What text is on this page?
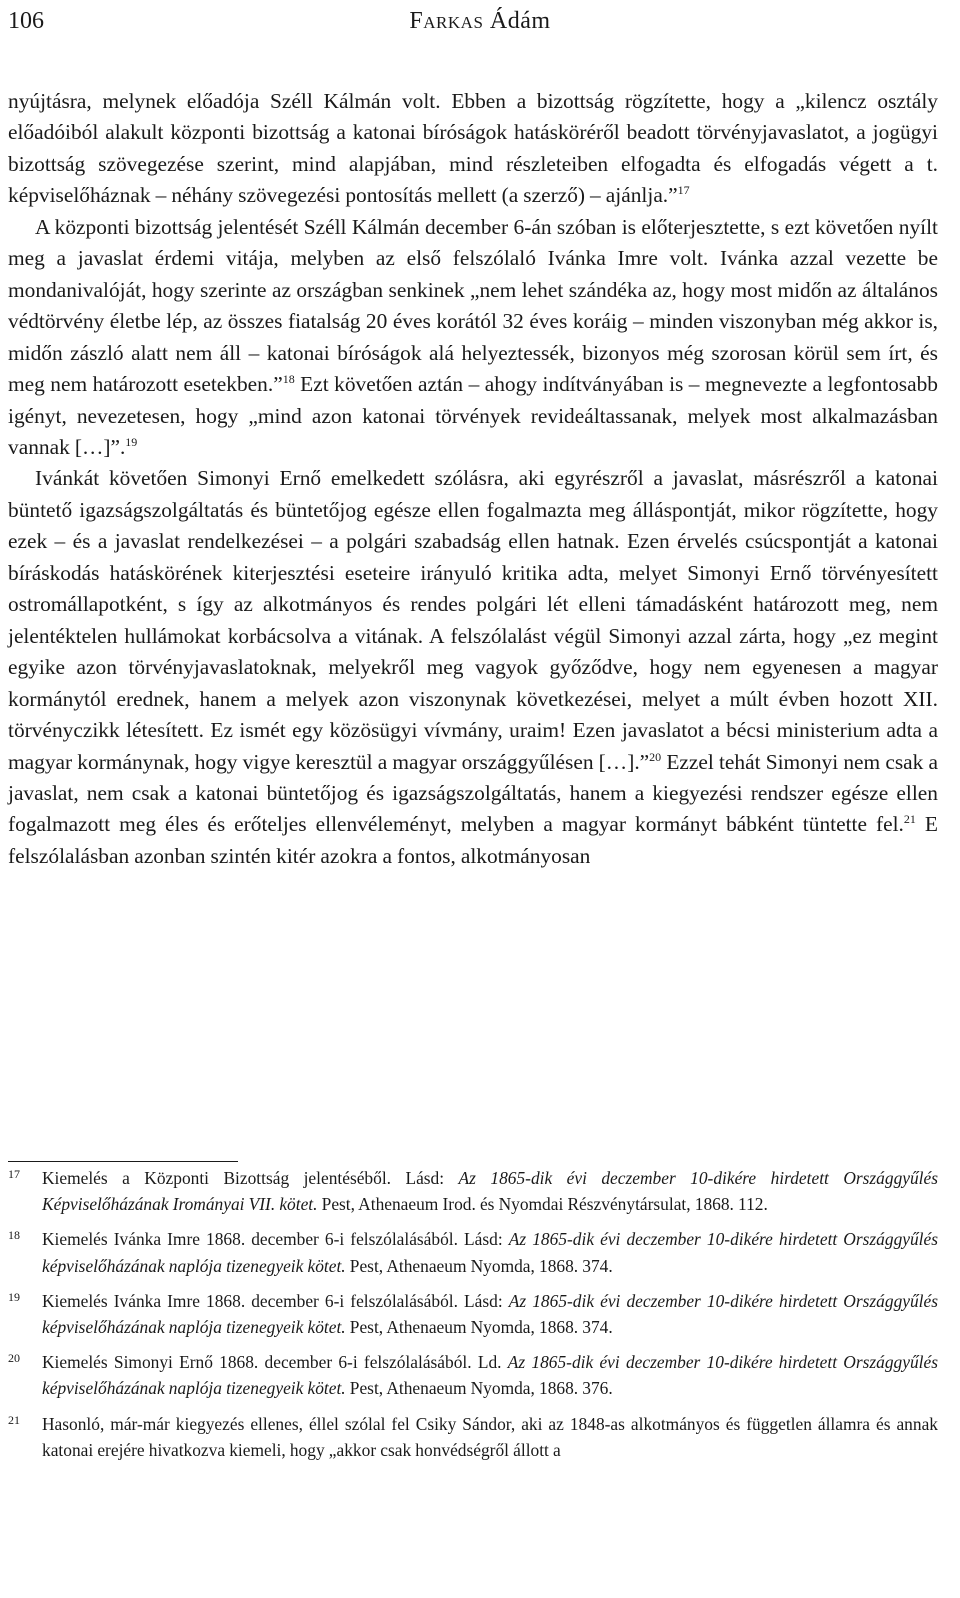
106	Farkas Ádám

nyújtásra, melynek előadója Széll Kálmán volt. Ebben a bizottság rögzítette, hogy a „kilencz osztály előadóiból alakult központi bizottság a katonai bíróságok hatásköréről beadott törvényjavaslatot, a jogügyi bizottság szövegezése szerint, mind alapjában, mind részleteiben elfogadta és elfogadás végett a t. képviselőháznak – néhány szövegezési pontosítás mellett (a szerző) – ajánlja.”$^{17}$

A központi bizottság jelentését Széll Kálmán december 6-án szóban is előterjesztette, s ezt követően nyílt meg a javaslat érdemi vitája, melyben az első felszólaló Ivánka Imre volt. Ivánka azzal vezette be mondanivalóját, hogy szerinte az országban senkinek „nem lehet szándéka az, hogy most midőn az általános védtörvény életbe lép, az összes fiatalság 20 éves korától 32 éves koráig – minden viszonyban még akkor is, midőn zászló alatt nem áll – katonai bíróságok alá helyeztessék, bizonyos még szorosan körül sem írt, és meg nem határozott esetekben.”$^{18}$ Ezt követően aztán – ahogy indítványában is – megnevezte a legfontosabb igényt, nevezetesen, hogy „mind azon katonai törvények revideáltassanak, melyek most alkalmazásban vannak […]”.$^{19}$

Ivánkát követően Simonyi Ernő emelkedett szólásra, aki egyrészről a javaslat, másrészről a katonai büntető igazságszolgáltatás és büntetőjog egésze ellen fogalmazta meg álláspontját, mikor rögzítette, hogy ezek – és a javaslat rendelkezései – a polgári szabadság ellen hatnak. Ezen érvelés csúcspontját a katonai bíráskodás hatáskörének kiterjesztési eseteire irányuló kritika adta, melyet Simonyi Ernő törvényesített ostromállapotként, s így az alkotmányos és rendes polgári lét elleni támadásként határozott meg, nem jelentéktelen hullámokat korbácsolva a vitának. A felszólalást végül Simonyi azzal zárta, hogy „ez megint egyike azon törvényjavaslatoknak, melyekről meg vagyok győződve, hogy nem egyenesen a magyar kormánytól erednek, hanem a melyek azon viszonynak következései, melyet a múlt évben hozott XII. törvényczikk létesített. Ez ismét egy közösügyi vívmány, uraim! Ezen javaslatot a bécsi ministerium adta a magyar kormánynak, hogy vigye keresztül a magyar országgyűlésen […].”$^{20}$ Ezzel tehát Simonyi nem csak a javaslat, nem csak a katonai büntetőjog és igazságszolgáltatás, hanem a kiegyezési rendszer egésze ellen fogalmazott meg éles és erőteljes ellenvéleményt, melyben a magyar kormányt bábként tüntette fel.$^{21}$ E felszólalásban azonban szintén kitér azokra a fontos, alkotmányosan

17 Kiemelés a Központi Bizottság jelentéséből. Lásd: Az 1865-dik évi deczember 10-dikére hirdetett Országgyűlés Képviselőházának Irományai VII. kötet. Pest, Athenaeum Irod. és Nyomdai Részvénytársulat, 1868. 112.
18 Kiemelés Ivánka Imre 1868. december 6-i felszólalásából. Lásd: Az 1865-dik évi deczember 10-dikére hirdetett Országgyűlés képviselőházának naplója tizenegyeik kötet. Pest, Athenaeum Nyomda, 1868. 374.
19 Kiemelés Ivánka Imre 1868. december 6-i felszólalásából. Lásd: Az 1865-dik évi deczember 10-dikére hirdetett Országgyűlés képviselőházának naplója tizenegyeik kötet. Pest, Athenaeum Nyomda, 1868. 374.
20 Kiemelés Simonyi Ernő 1868. december 6-i felszólalásából. Ld. Az 1865-dik évi deczember 10-dikére hirdetett Országgyűlés képviselőházának naplója tizenegyeik kötet. Pest, Athenaeum Nyomda, 1868. 376.
21 Hasonló, már-már kiegyezés ellenes, éllel szólal fel Csiky Sándor, aki az 1848-as alkotmányos és független államra és annak katonai erejére hivatkozva kiemeli, hogy „akkor csak honvédségről állott a
